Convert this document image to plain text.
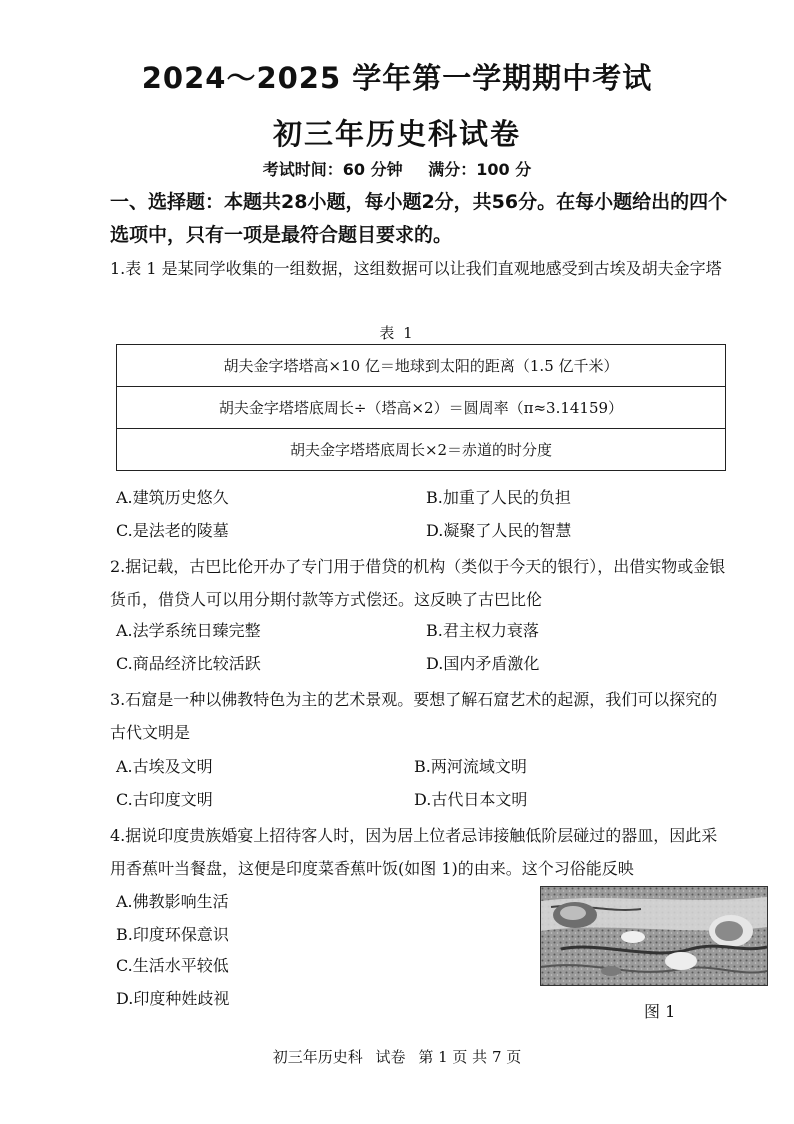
2024～2025 学年第一学期期中考试
初三年历史科试卷
考试时间：60 分钟 满分：100 分
一、选择题：本题共28小题，每小题2分，共56分。在每小题给出的四个选项中，只有一项是最符合题目要求的。
1.表 1 是某同学收集的一组数据，这组数据可以让我们直观地感受到古埃及胡夫金字塔
表 1
胡夫金字塔塔高×10 亿＝地球到太阳的距离（1.5 亿千米）
胡夫金字塔塔底周长÷（塔高×2）＝圆周率（π≈3.14159）
胡夫金字塔塔底周长×2＝赤道的时分度
A.建筑历史悠久	B.加重了人民的负担
C.是法老的陵墓	D.凝聚了人民的智慧
2.据记载，古巴比伦开办了专门用于借贷的机构（类似于今天的银行），出借实物或金银货币，借贷人可以用分期付款等方式偿还。这反映了古巴比伦
A.法学系统日臻完整	B.君主权力衰落
C.商品经济比较活跃	D.国内矛盾激化
3.石窟是一种以佛教特色为主的艺术景观。要想了解石窟艺术的起源，我们可以探究的古代文明是
A.古埃及文明	B.两河流域文明
C.古印度文明	D.古代日本文明
4.据说印度贵族婚宴上招待客人时，因为居上位者忌讳接触低阶层碰过的器皿，因此采用香蕉叶当餐盘，这便是印度菜香蕉叶饭(如图 1)的由来。这个习俗能反映
A.佛教影响生活
B.印度环保意识
C.生活水平较低
D.印度种姓歧视
图 1
初三年历史科 试卷 第 1 页 共 7 页
